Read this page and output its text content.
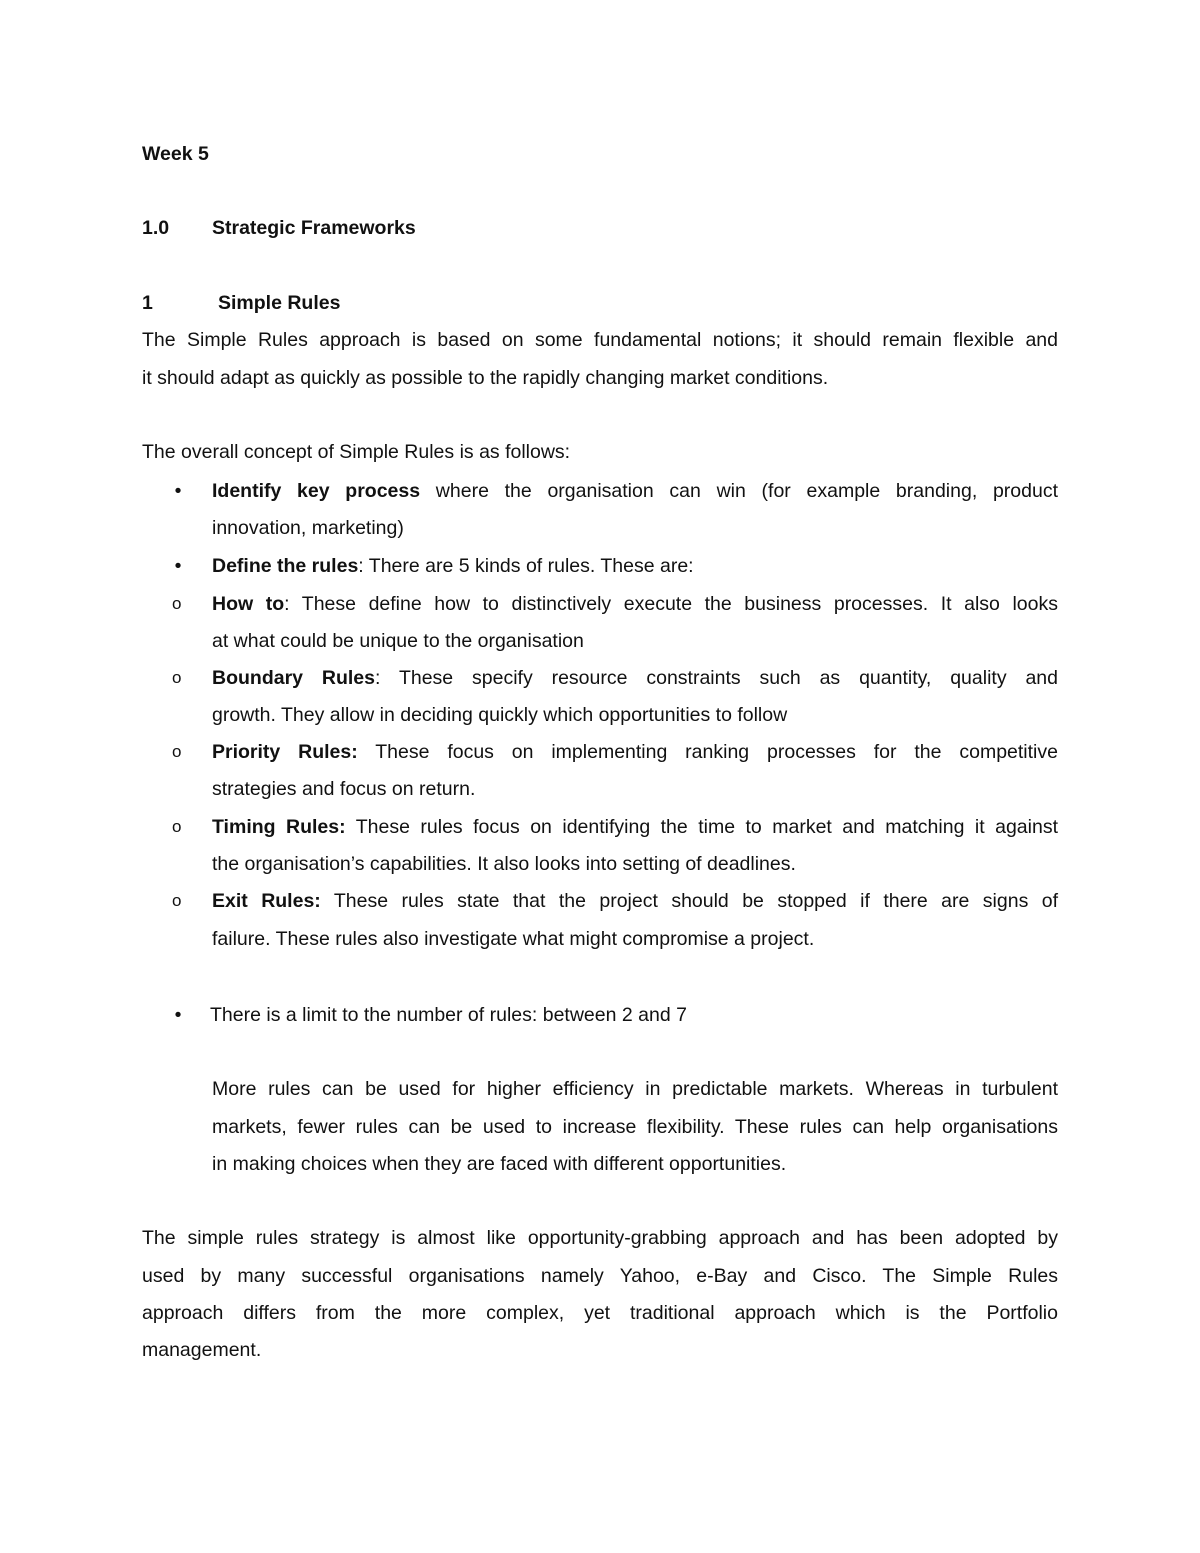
Week 5
1.0 Strategic Frameworks
1	Simple Rules
The Simple Rules approach is based on some fundamental notions; it should remain flexible and
it should adapt as quickly as possible to the rapidly changing market conditions.
The overall concept of Simple Rules is as follows:
• Identify key process where the organisation can win (for example branding, product
innovation, marketing)
• Define the rules: There are 5 kinds of rules. These are:
o How to: These define how to distinctively execute the business processes. It also looks
at what could be unique to the organisation
o Boundary Rules: These specify resource constraints such as quantity, quality and
growth. They allow in deciding quickly which opportunities to follow
o Priority Rules: These focus on implementing ranking processes for the competitive
strategies and focus on return.
o Timing Rules: These rules focus on identifying the time to market and matching it against
the organisation’s capabilities. It also looks into setting of deadlines.
o Exit Rules: These rules state that the project should be stopped if there are signs of
failure. These rules also investigate what might compromise a project.
• There is a limit to the number of rules: between 2 and 7
More rules can be used for higher efficiency in predictable markets. Whereas in turbulent
markets, fewer rules can be used to increase flexibility. These rules can help organisations
in making choices when they are faced with different opportunities.
The simple rules strategy is almost like opportunity-grabbing approach and has been adopted by
used by many successful organisations namely Yahoo, e-Bay and Cisco. The Simple Rules
approach differs from the more complex, yet traditional approach which is the Portfolio
management.
